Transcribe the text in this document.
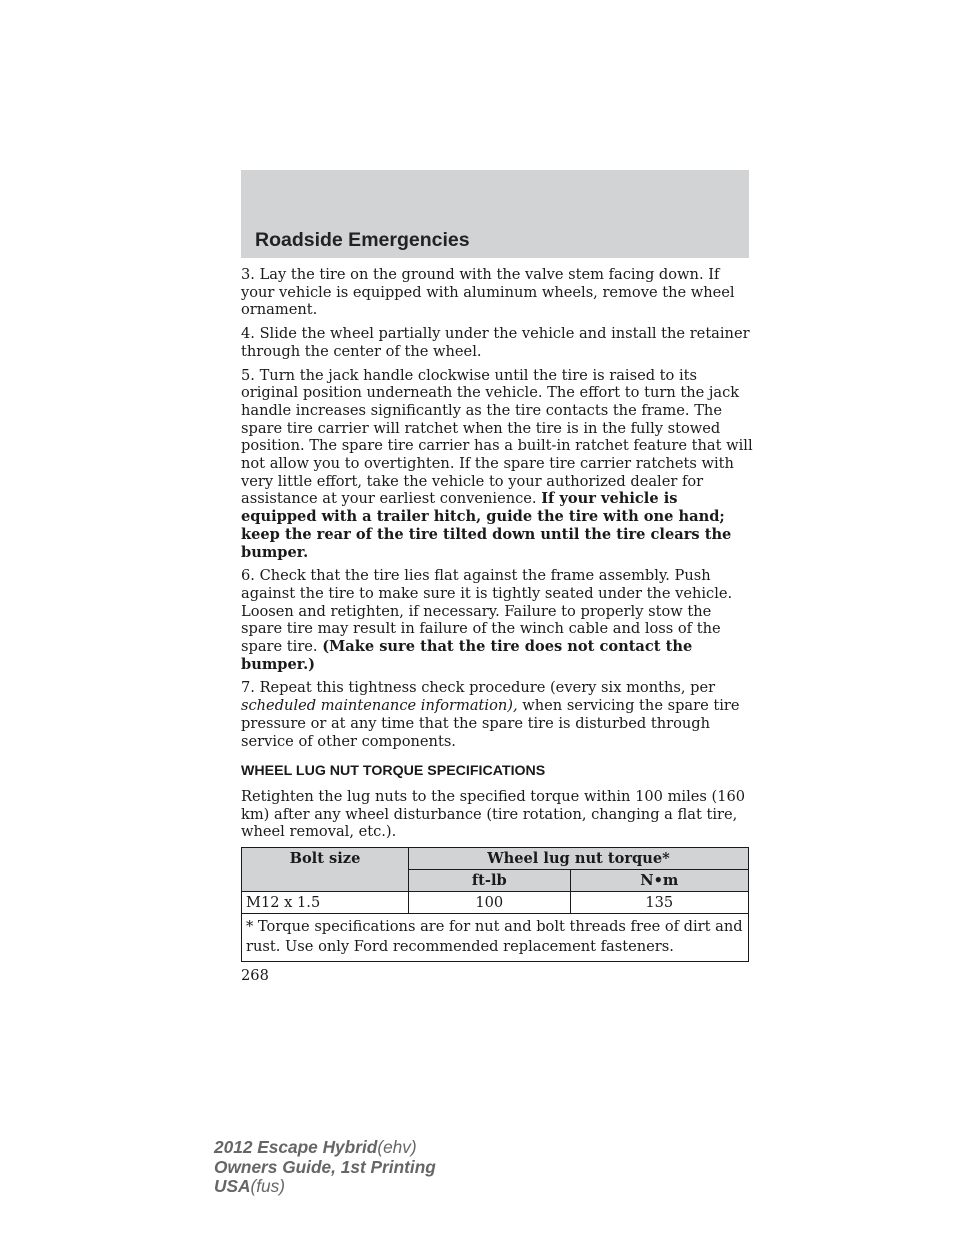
Roadside Emergencies

3. Lay the tire on the ground with the valve stem facing down. If your vehicle is equipped with aluminum wheels, remove the wheel ornament.

4. Slide the wheel partially under the vehicle and install the retainer through the center of the wheel.

5. Turn the jack handle clockwise until the tire is raised to its original position underneath the vehicle. The effort to turn the jack handle increases significantly as the tire contacts the frame. The spare tire carrier will ratchet when the tire is in the fully stowed position. The spare tire carrier has a built-in ratchet feature that will not allow you to overtighten. If the spare tire carrier ratchets with very little effort, take the vehicle to your authorized dealer for assistance at your earliest convenience. If your vehicle is equipped with a trailer hitch, guide the tire with one hand; keep the rear of the tire tilted down until the tire clears the bumper.

6. Check that the tire lies flat against the frame assembly. Push against the tire to make sure it is tightly seated under the vehicle. Loosen and retighten, if necessary. Failure to properly stow the spare tire may result in failure of the winch cable and loss of the spare tire. (Make sure that the tire does not contact the bumper.)

7. Repeat this tightness check procedure (every six months, per
scheduled maintenance information), when servicing the spare tire pressure or at any time that the spare tire is disturbed through service of other components.

WHEEL LUG NUT TORQUE SPECIFICATIONS

Retighten the lug nuts to the specified torque within 100 miles (160 km) after any wheel disturbance (tire rotation, changing a flat tire, wheel removal, etc.).

Bolt size	Wheel lug nut torque*	
	ft-lb	N•m
M12 x 1.5	100	135
* Torque specifications are for nut and bolt threads free of dirt and rust. Use only Ford recommended replacement fasteners.		
268
2012 Escape Hybrid(ehv)
Owners Guide, 1st Printing
USA(fus)
